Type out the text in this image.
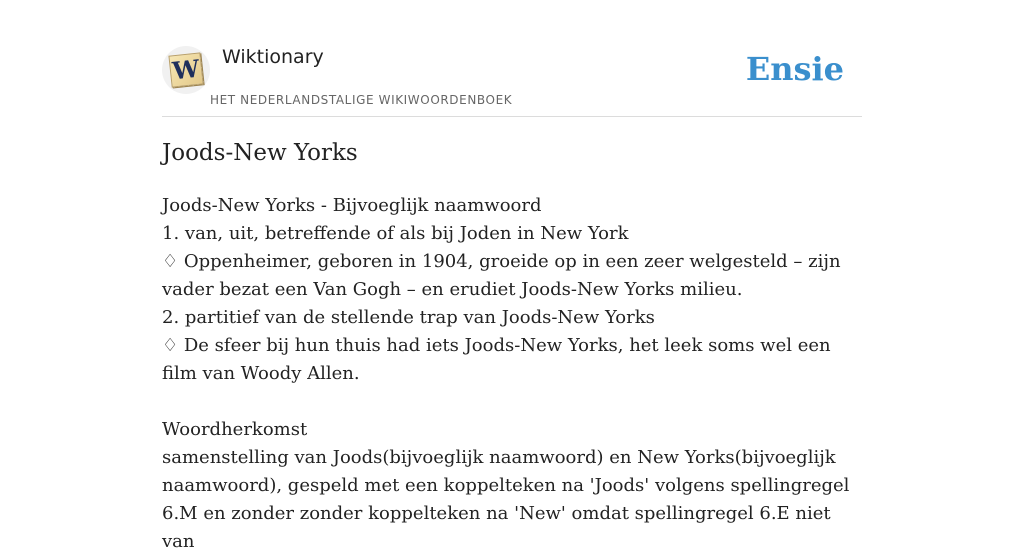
W Wiktionary
HET NEDERLANDSTALIGE WIKIWOORDENBOEK
Ensie
Joods-New Yorks

Joods-New Yorks - Bijvoeglijk naamwoord

1. van, uit, betreffende of als bij Joden in New York

♢ Oppenheimer, geboren in 1904, groeide op in een zeer welgesteld – zijn vader bezat een Van Gogh – en erudiet Joods-New Yorks milieu.

2. partitief van de stellende trap van Joods-New Yorks

♢ De sfeer bij hun thuis had iets Joods-New Yorks, het leek soms wel een film van Woody Allen.

Woordherkomst

samenstelling van Joods(bijvoeglijk naamwoord) en New Yorks(bijvoeglijk naamwoord), gespeld met een koppelteken na 'Joods' volgens spellingregel 6.M en zonder zonder koppelteken na 'New' omdat spellingregel 6.E niet van
